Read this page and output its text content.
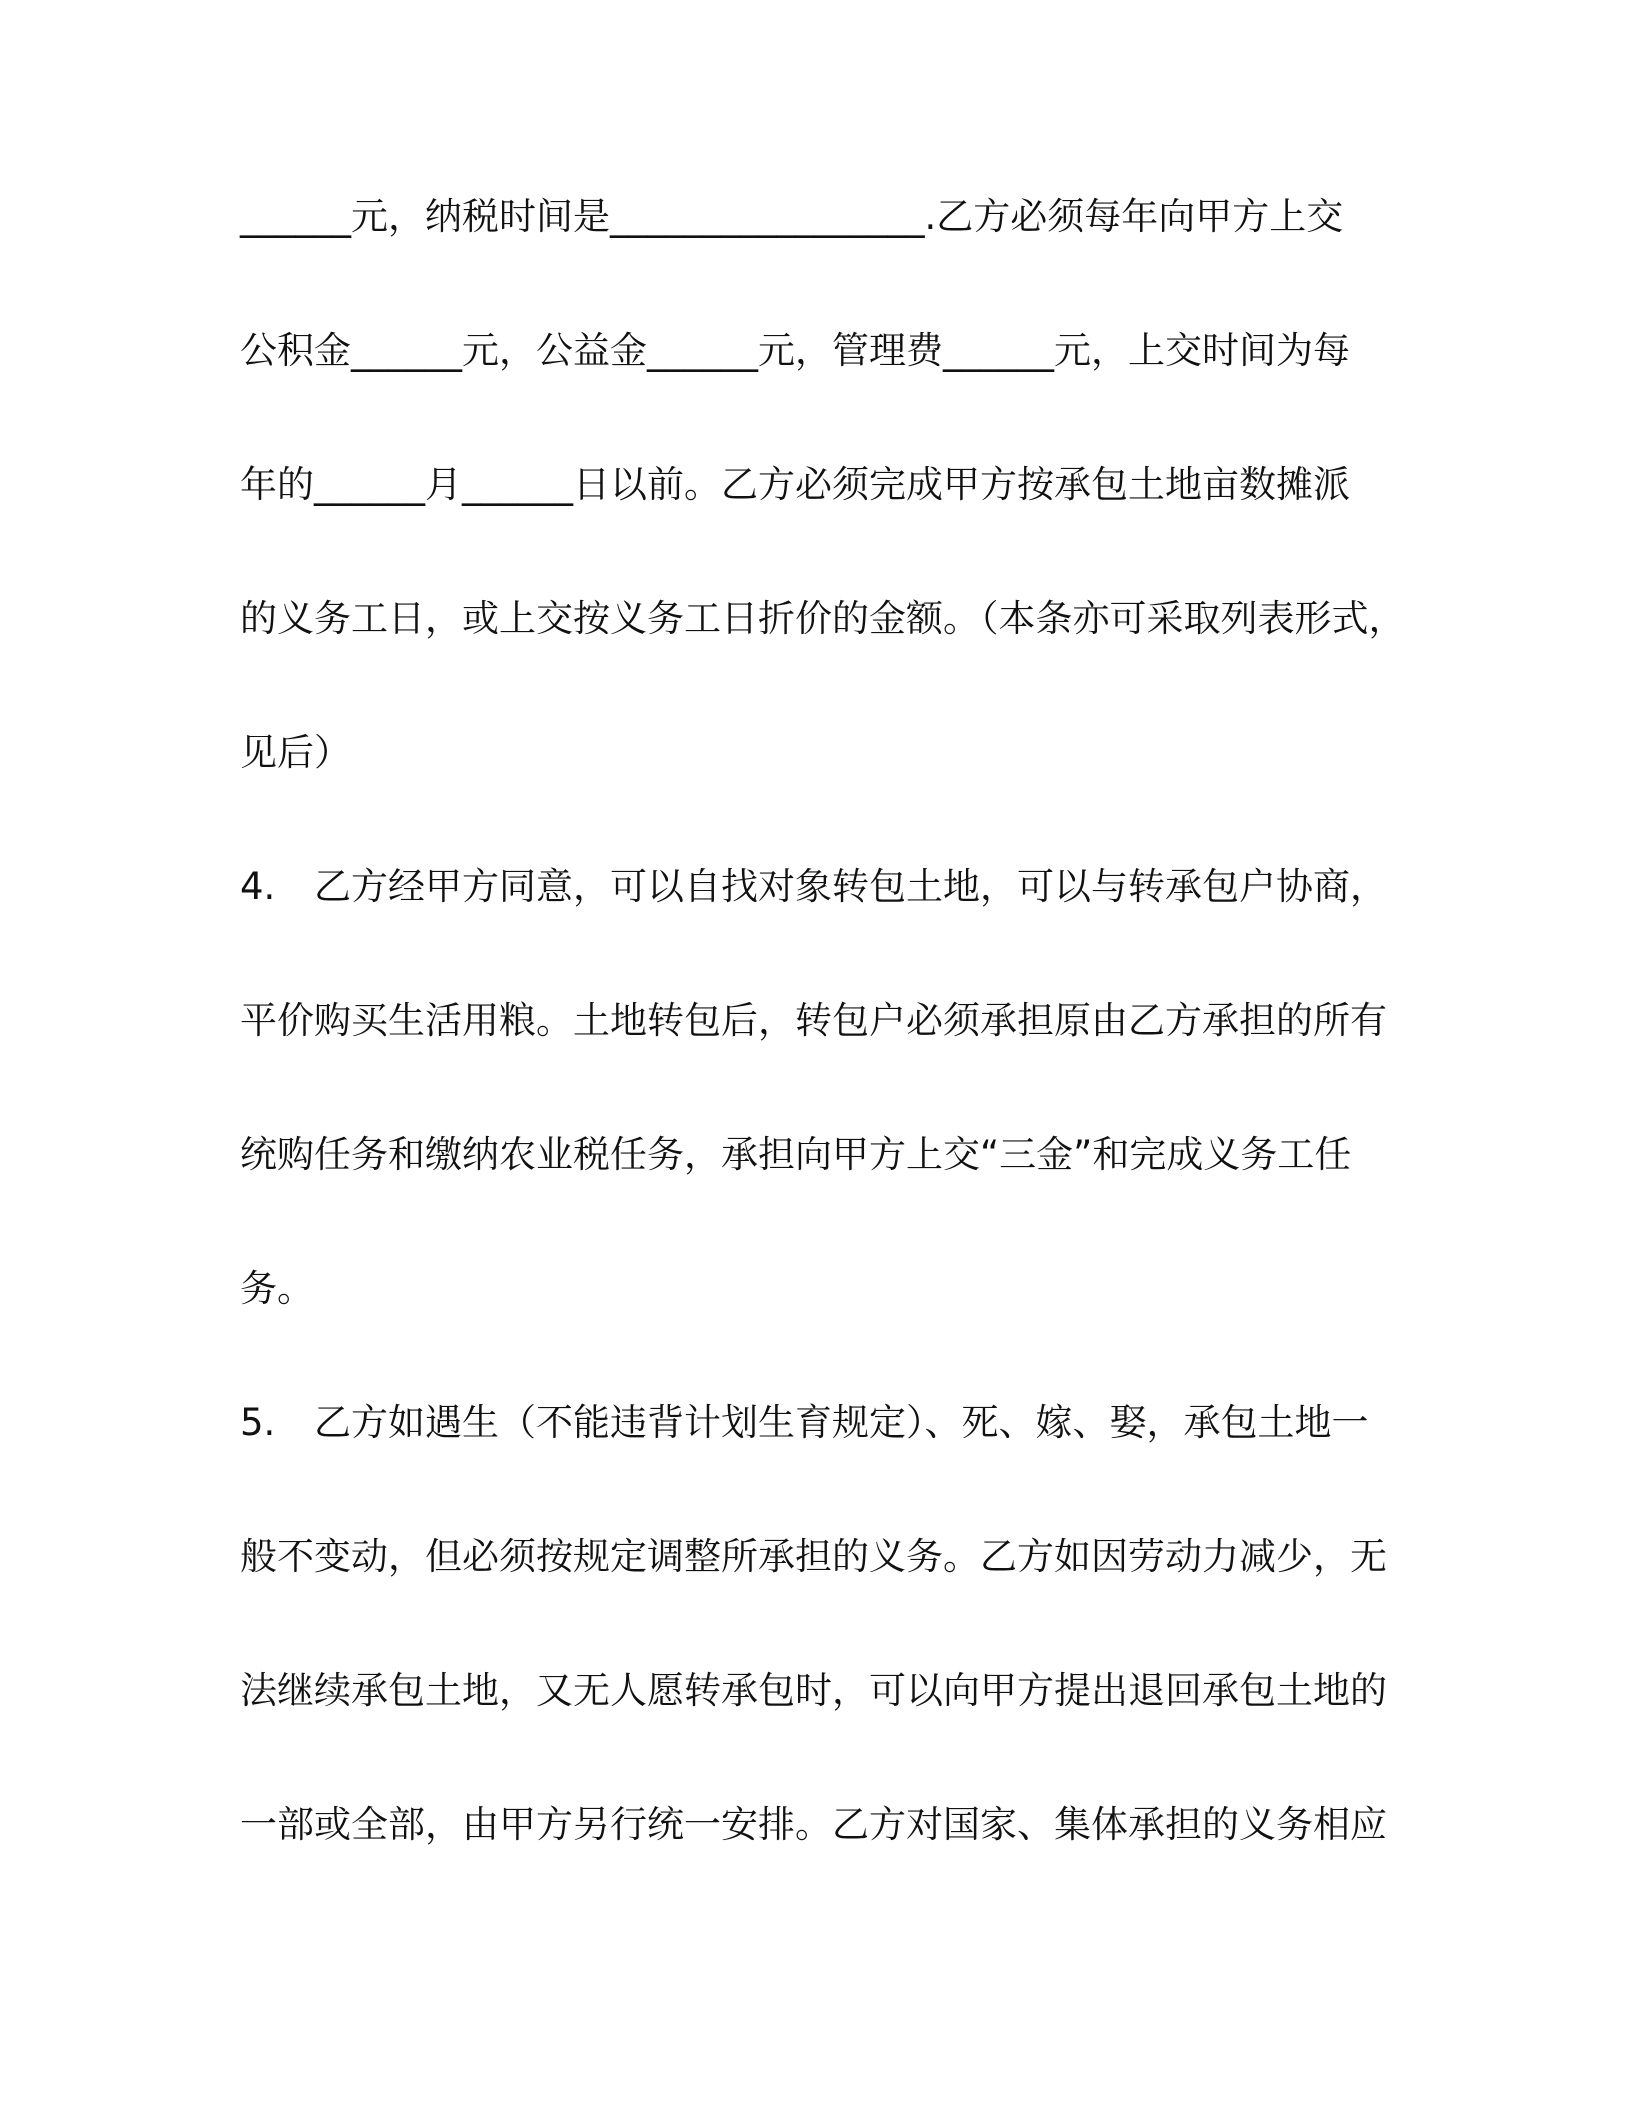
______元，纳税时间是_________________.乙方必须每年向甲方上交
公积金______元，公益金______元，管理费______元，上交时间为每
年的______月______日以前。乙方必须完成甲方按承包土地亩数摊派
的义务工日，或上交按义务工日折价的金额。（本条亦可采取列表形式，
见后）
4. 乙方经甲方同意，可以自找对象转包土地，可以与转承包户协商，
平价购买生活用粮。土地转包后，转包户必须承担原由乙方承担的所有
统购任务和缴纳农业税任务，承担向甲方上交“三金”和完成义务工任
务。
5. 乙方如遇生（不能违背计划生育规定）、死、嫁、娶，承包土地一
般不变动，但必须按规定调整所承担的义务。乙方如因劳动力减少，无
法继续承包土地，又无人愿转承包时，可以向甲方提出退回承包土地的
一部或全部，由甲方另行统一安排。乙方对国家、集体承担的义务相应
